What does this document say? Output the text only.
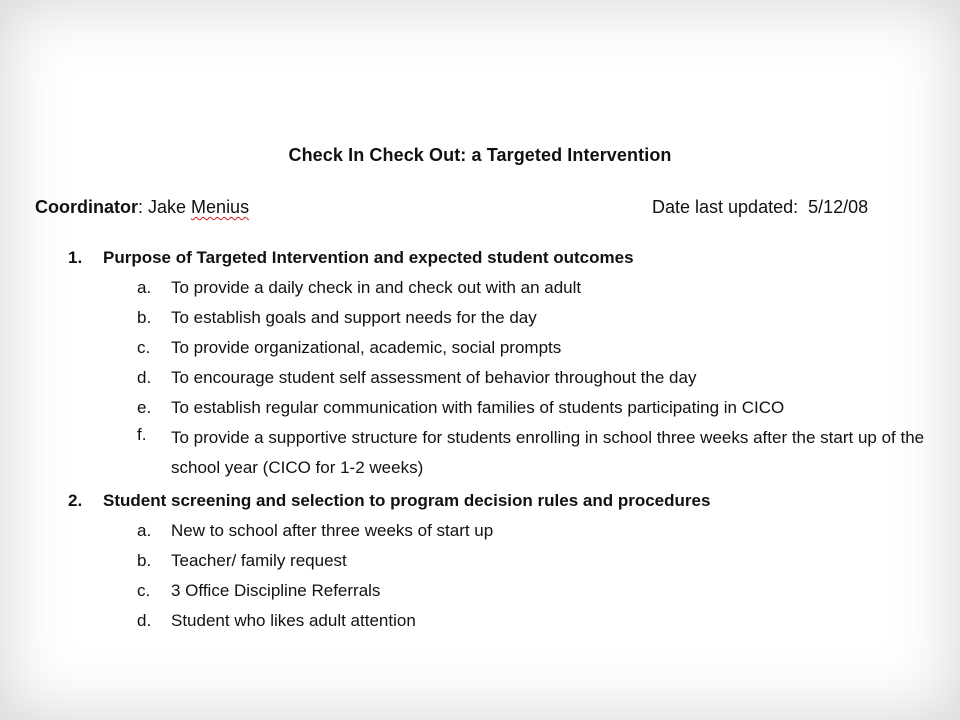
Check In Check Out: a Targeted Intervention
Coordinator: Jake Menius	Date last updated: 5/12/08
1. Purpose of Targeted Intervention and expected student outcomes
a. To provide a daily check in and check out with an adult
b. To establish goals and support needs for the day
c. To provide organizational, academic, social prompts
d. To encourage student self assessment of behavior throughout the day
e. To establish regular communication with families of students participating in CICO
f. To provide a supportive structure for students enrolling in school three weeks after the start up of the school year (CICO for 1-2 weeks)
2. Student screening and selection to program decision rules and procedures
a. New to school after three weeks of start up
b. Teacher/ family request
c. 3 Office Discipline Referrals
d. Student who likes adult attention
